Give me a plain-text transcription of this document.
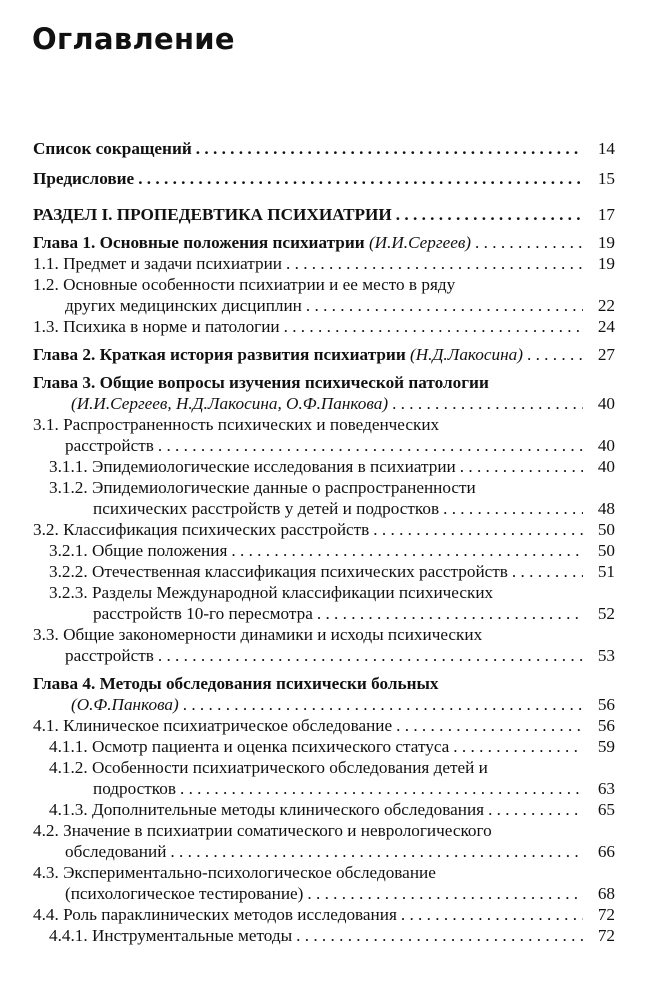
Оглавление
Список сокращений . . .	14
Предисловие . . .	15
РАЗДЕЛ I. ПРОПЕДЕВТИКА ПСИХИАТРИИ . . .	17
Глава 1. Основные положения психиатрии (И.И.Сергеев) . . .	19
1.1. Предмет и задачи психиатрии . . .	19
1.2. Основные особенности психиатрии и ее место в ряду
других медицинских дисциплин . . .	22
1.3. Психика в норме и патологии . . .	24
Глава 2. Краткая история развития психиатрии (Н.Д.Лакосина) . . .	27
Глава 3. Общие вопросы изучения психической патологии
(И.И.Сергеев, Н.Д.Лакосина, О.Ф.Панкова) . . .	40
3.1. Распространенность психических и поведенческих
расстройств . . .	40
3.1.1. Эпидемиологические исследования в психиатрии . . .	40
3.1.2. Эпидемиологические данные о распространенности
психических расстройств у детей и подростков . . .	48
3.2. Классификация психических расстройств . . .	50
3.2.1. Общие положения . . .	50
3.2.2. Отечественная классификация психических расстройств . . .	51
3.2.3. Разделы Международной классификации психических
расстройств 10-го пересмотра . . .	52
3.3. Общие закономерности динамики и исходы психических
расстройств . . .	53
Глава 4. Методы обследования психически больных
(О.Ф.Панкова) . . .	56
4.1. Клиническое психиатрическое обследование . . .	56
4.1.1. Осмотр пациента и оценка психического статуса . . .	59
4.1.2. Особенности психиатрического обследования детей и
подростков . . .	63
4.1.3. Дополнительные методы клинического обследования . . .	65
4.2. Значение в психиатрии соматического и неврологического
обследований . . .	66
4.3. Экспериментально-психологическое обследование
(психологическое тестирование) . . .	68
4.4. Роль параклинических методов исследования . . .	72
4.4.1. Инструментальные методы . . .	72
